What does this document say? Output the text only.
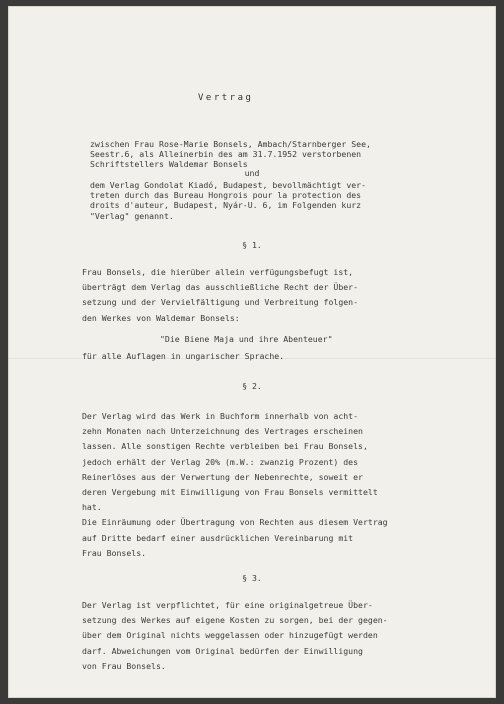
Vertrag
zwischen Frau Rose-Marie Bonsels, Ambach/Starnberger See,
Seestr.6, als Alleinerbin des am 31.7.1952 verstorbenen
Schriftstellers Waldemar Bonsels
und
dem Verlag Gondolat Kiadó, Budapest, bevollmächtigt ver-
treten durch das Bureau Hongrois pour la protection des
droits d'auteur, Budapest, Nyár-U. 6, im Folgenden kurz
"Verlag" genannt.
§ 1.
Frau Bonsels, die hierüber allein verfügungsbefugt ist,
überträgt dem Verlag das ausschließliche Recht der Über-
setzung und der Vervielfältigung und Verbreitung folgen-
den Werkes von Waldemar Bonsels:
"Die Biene Maja und ihre Abenteuer"
für alle Auflagen in ungarischer Sprache.
§ 2.
Der Verlag wird das Werk in Buchform innerhalb von acht-
zehn Monaten nach Unterzeichnung des Vertrages erscheinen
lassen. Alle sonstigen Rechte verbleiben bei Frau Bonsels,
jedoch erhält der Verlag 20% (m.W.: zwanzig Prozent) des
Reinerlöses aus der Verwertung der Nebenrechte, soweit er
deren Vergebung mit Einwilligung von Frau Bonsels vermittelt
hat.
Die Einräumung oder Übertragung von Rechten aus diesem Vertrag
auf Dritte bedarf einer ausdrücklichen Vereinbarung mit
Frau Bonsels.
§ 3.
Der Verlag ist verpflichtet, für eine originalgetreue Über-
setzung des Werkes auf eigene Kosten zu sorgen, bei der gegen-
über dem Original nichts weggelassen oder hinzugefügt werden
darf. Abweichungen vom Original bedürfen der Einwilligung
von Frau Bonsels.
